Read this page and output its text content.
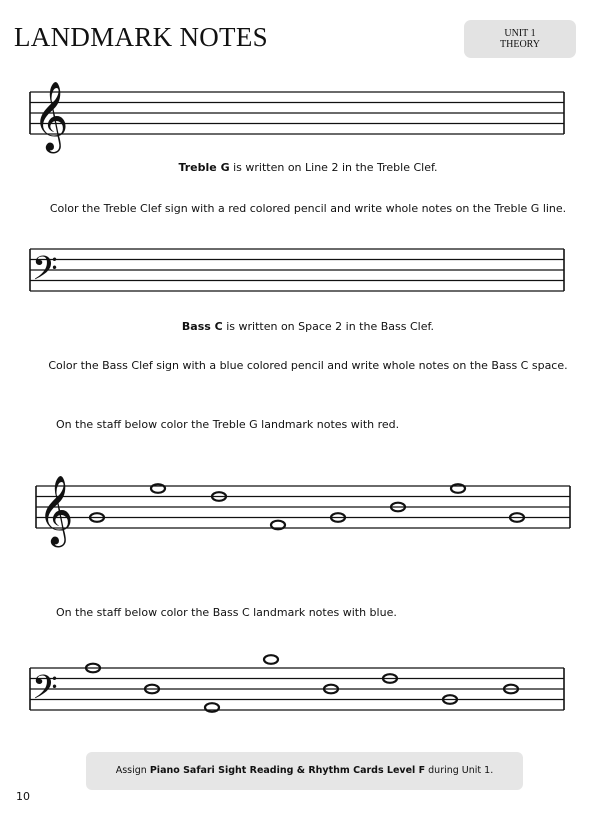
LANDMARK NOTES	UNIT 1
THEORY
𝄞
Treble G is written on Line 2 in the Treble Clef.
Color the Treble Clef sign with a red colored pencil and write whole notes on the Treble G line.
𝄢
Bass C is written on Space 2 in the Bass Clef.
Color the Bass Clef sign with a blue colored pencil and write whole notes on the Bass C space.
On the staff below color the Treble G landmark notes with red.
𝄞
On the staff below color the Bass C landmark notes with blue.
𝄢
Assign Piano Safari Sight Reading & Rhythm Cards Level F during Unit 1.
10
